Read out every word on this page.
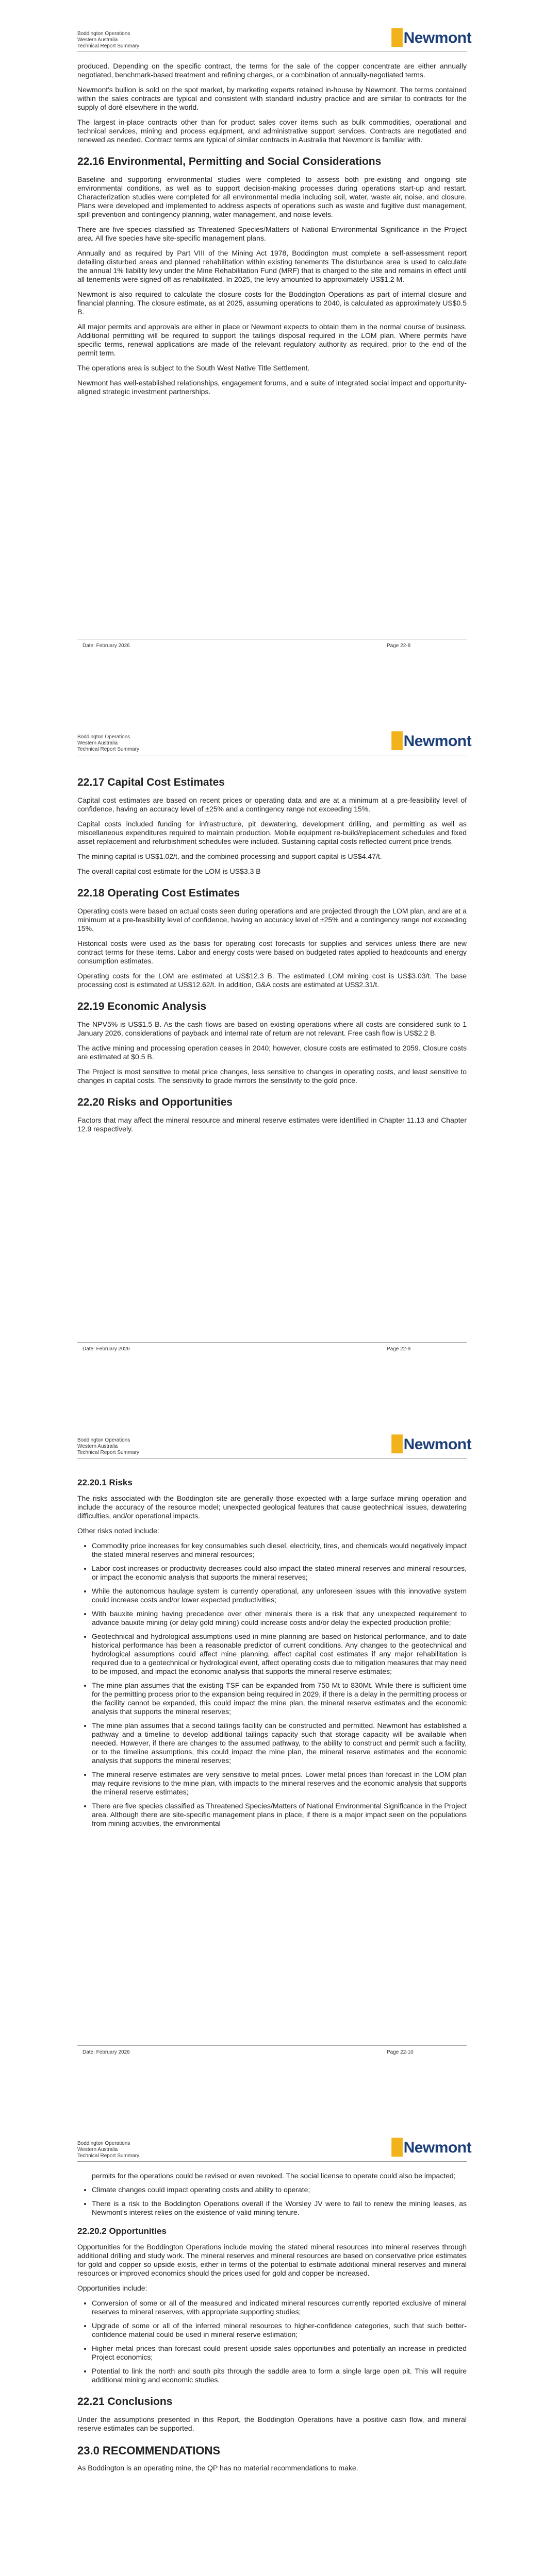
Boddington Operations
Western Australia
Technical Report Summary	▉Newmont

produced. Depending on the specific contract, the terms for the sale of the copper concentrate are either annually negotiated, benchmark-based treatment and refining charges, or a combination of annually-negotiated terms.

Newmont's bullion is sold on the spot market, by marketing experts retained in-house by Newmont. The terms contained within the sales contracts are typical and consistent with standard industry practice and are similar to contracts for the supply of doré elsewhere in the world.

The largest in-place contracts other than for product sales cover items such as bulk commodities, operational and technical services, mining and process equipment, and administrative support services. Contracts are negotiated and renewed as needed. Contract terms are typical of similar contracts in Australia that Newmont is familiar with.

22.16 Environmental, Permitting and Social Considerations

Baseline and supporting environmental studies were completed to assess both pre-existing and ongoing site environmental conditions, as well as to support decision-making processes during operations start-up and restart. Characterization studies were completed for all environmental media including soil, water, waste air, noise, and closure. Plans were developed and implemented to address aspects of operations such as waste and fugitive dust management, spill prevention and contingency planning, water management, and noise levels.

There are five species classified as Threatened Species/Matters of National Environmental Significance in the Project area. All five species have site-specific management plans.

Annually and as required by Part VIII of the Mining Act 1978, Boddington must complete a self-assessment report detailing disturbed areas and planned rehabilitation within existing tenements The disturbance area is used to calculate the annual 1% liability levy under the Mine Rehabilitation Fund (MRF) that is charged to the site and remains in effect until all tenements were signed off as rehabilitated. In 2025, the levy amounted to approximately US$1.2 M.

Newmont is also required to calculate the closure costs for the Boddington Operations as part of internal closure and financial planning. The closure estimate, as at 2025, assuming operations to 2040, is calculated as approximately US$0.5 B.

All major permits and approvals are either in place or Newmont expects to obtain them in the normal course of business. Additional permitting will be required to support the tailings disposal required in the LOM plan. Where permits have specific terms, renewal applications are made of the relevant regulatory authority as required, prior to the end of the permit term.

The operations area is subject to the South West Native Title Settlement.

Newmont has well-established relationships, engagement forums, and a suite of integrated social impact and opportunity-aligned strategic investment partnerships.

Date: February 2026	Page 22-8
Boddington Operations
Western Australia
Technical Report Summary	▉Newmont
22.17 Capital Cost Estimates

Capital cost estimates are based on recent prices or operating data and are at a minimum at a pre-feasibility level of confidence, having an accuracy level of ±25% and a contingency range not exceeding 15%.

Capital costs included funding for infrastructure, pit dewatering, development drilling, and permitting as well as miscellaneous expenditures required to maintain production. Mobile equipment re-build/replacement schedules and fixed asset replacement and refurbishment schedules were included. Sustaining capital costs reflected current price trends.

The mining capital is US$1.02/t, and the combined processing and support capital is US$4.47/t.

The overall capital cost estimate for the LOM is US$3.3 B

22.18 Operating Cost Estimates

Operating costs were based on actual costs seen during operations and are projected through the LOM plan, and are at a minimum at a pre-feasibility level of confidence, having an accuracy level of ±25% and a contingency range not exceeding 15%.

Historical costs were used as the basis for operating cost forecasts for supplies and services unless there are new contract terms for these items. Labor and energy costs were based on budgeted rates applied to headcounts and energy consumption estimates.

Operating costs for the LOM are estimated at US$12.3 B. The estimated LOM mining cost is US$3.03/t. The base processing cost is estimated at US$12.62/t. In addition, G&A costs are estimated at US$2.31/t.

22.19 Economic Analysis

The NPV5% is US$1.5 B. As the cash flows are based on existing operations where all costs are considered sunk to 1 January 2026, considerations of payback and internal rate of return are not relevant. Free cash flow is US$2.2 B.

The active mining and processing operation ceases in 2040; however, closure costs are estimated to 2059. Closure costs are estimated at $0.5 B.

The Project is most sensitive to metal price changes, less sensitive to changes in operating costs, and least sensitive to changes in capital costs. The sensitivity to grade mirrors the sensitivity to the gold price.

22.20 Risks and Opportunities

Factors that may affect the mineral resource and mineral reserve estimates were identified in Chapter 11.13 and Chapter 12.9 respectively.

Date: February 2026	Page 22-9
Boddington Operations
Western Australia
Technical Report Summary	▉Newmont
22.20.1 Risks

The risks associated with the Boddington site are generally those expected with a large surface mining operation and include the accuracy of the resource model; unexpected geological features that cause geotechnical issues, dewatering difficulties, and/or operational impacts.

Other risks noted include:

• Commodity price increases for key consumables such diesel, electricity, tires, and chemicals would negatively impact the stated mineral reserves and mineral resources;
• Labor cost increases or productivity decreases could also impact the stated mineral reserves and mineral resources, or impact the economic analysis that supports the mineral reserves;
• While the autonomous haulage system is currently operational, any unforeseen issues with this innovative system could increase costs and/or lower expected productivities;
• With bauxite mining having precedence over other minerals there is a risk that any unexpected requirement to advance bauxite mining (or delay gold mining) could increase costs and/or delay the expected production profile;
• Geotechnical and hydrological assumptions used in mine planning are based on historical performance, and to date historical performance has been a reasonable predictor of current conditions. Any changes to the geotechnical and hydrological assumptions could affect mine planning, affect capital cost estimates if any major rehabilitation is required due to a geotechnical or hydrological event, affect operating costs due to mitigation measures that may need to be imposed, and impact the economic analysis that supports the mineral reserve estimates;
• The mine plan assumes that the existing TSF can be expanded from 750 Mt to 830Mt. While there is sufficient time for the permitting process prior to the expansion being required in 2029, if there is a delay in the permitting process or the facility cannot be expanded, this could impact the mine plan, the mineral reserve estimates and the economic analysis that supports the mineral reserves;
• The mine plan assumes that a second tailings facility can be constructed and permitted. Newmont has established a pathway and a timeline to develop additional tailings capacity such that storage capacity will be available when needed. However, if there are changes to the assumed pathway, to the ability to construct and permit such a facility, or to the timeline assumptions, this could impact the mine plan, the mineral reserve estimates and the economic analysis that supports the mineral reserves;
• The mineral reserve estimates are very sensitive to metal prices. Lower metal prices than forecast in the LOM plan may require revisions to the mine plan, with impacts to the mineral reserves and the economic analysis that supports the mineral reserve estimates;
• There are five species classified as Threatened Species/Matters of National Environmental Significance in the Project area. Although there are site-specific management plans in place, if there is a major impact seen on the populations from mining activities, the environmental
Date: February 2026	Page 22-10
Boddington Operations
Western Australia
Technical Report Summary	▉Newmont
permits for the operations could be revised or even revoked. The social license to operate could also be impacted;
• Climate changes could impact operating costs and ability to operate;
• There is a risk to the Boddington Operations overall if the Worsley JV were to fail to renew the mining leases, as Newmont's interest relies on the existence of valid mining tenure.
22.20.2 Opportunities

Opportunities for the Boddington Operations include moving the stated mineral resources into mineral reserves through additional drilling and study work. The mineral reserves and mineral resources are based on conservative price estimates for gold and copper so upside exists, either in terms of the potential to estimate additional mineral reserves and mineral resources or improved economics should the prices used for gold and copper be increased.

Opportunities include:

• Conversion of some or all of the measured and indicated mineral resources currently reported exclusive of mineral reserves to mineral reserves, with appropriate supporting studies;
• Upgrade of some or all of the inferred mineral resources to higher-confidence categories, such that such better-confidence material could be used in mineral reserve estimation;
• Higher metal prices than forecast could present upside sales opportunities and potentially an increase in predicted Project economics;
• Potential to link the north and south pits through the saddle area to form a single large open pit. This will require additional mining and economic studies.
22.21 Conclusions

Under the assumptions presented in this Report, the Boddington Operations have a positive cash flow, and mineral reserve estimates can be supported.

23.0 RECOMMENDATIONS

As Boddington is an operating mine, the QP has no material recommendations to make.
